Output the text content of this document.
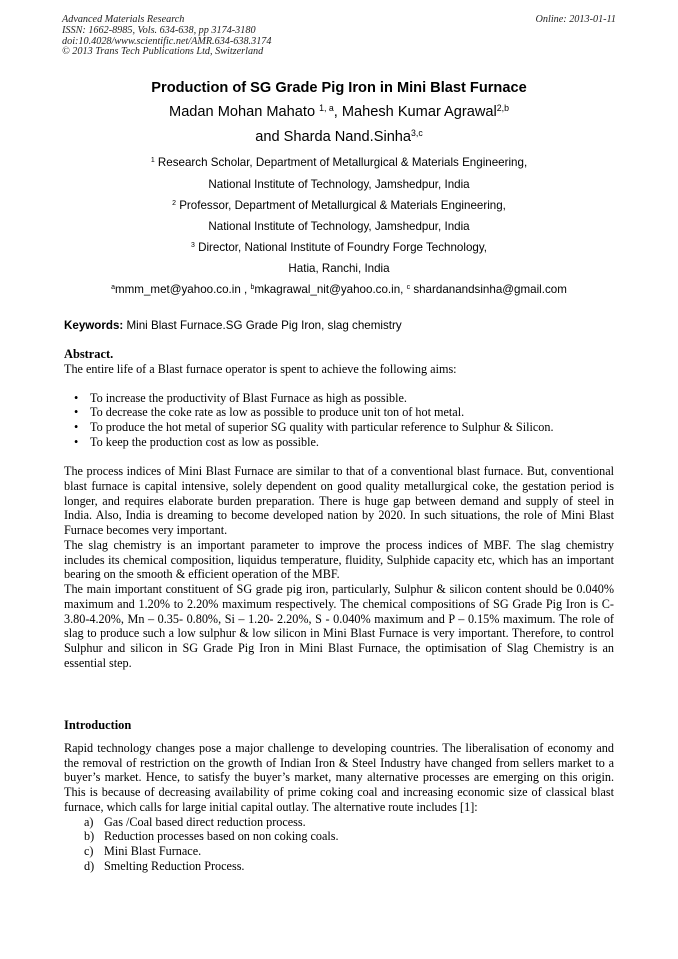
Advanced Materials Research
ISSN: 1662-8985, Vols. 634-638, pp 3174-3180
doi:10.4028/www.scientific.net/AMR.634-638.3174
© 2013 Trans Tech Publications Ltd, Switzerland
Online: 2013-01-11
Production of SG Grade Pig Iron in Mini Blast Furnace
Madan Mohan Mahato $^{1, a}$, Mahesh Kumar Agrawal$^{2,b}$
and Sharda Nand.Sinha$^{3,c}$
$^1$ Research Scholar, Department of Metallurgical & Materials Engineering,
National Institute of Technology, Jamshedpur, India
$^2$ Professor, Department of Metallurgical & Materials Engineering,
National Institute of Technology, Jamshedpur, India
$^3$ Director, National Institute of Foundry Forge Technology,
Hatia, Ranchi, India
$^a$mmm_met@yahoo.co.in , $^b$mkagrawal_nit@yahoo.co.in, $^c$ shardanandsinha@gmail.com
Keywords: Mini Blast Furnace.SG Grade Pig Iron, slag chemistry
Abstract.

The entire life of a Blast furnace operator is spent to achieve the following aims:

• To increase the productivity of Blast Furnace as high as possible.
• To decrease the coke rate as low as possible to produce unit ton of hot metal.
• To produce the hot metal of superior SG quality with particular reference to Sulphur & Silicon.
• To keep the production cost as low as possible.

The process indices of Mini Blast Furnace are similar to that of a conventional blast furnace. But, conventional blast furnace is capital intensive, solely dependent on good quality metallurgical coke, the gestation period is longer, and requires elaborate burden preparation. There is huge gap between demand and supply of steel in India. Also, India is dreaming to become developed nation by 2020. In such situations, the role of Mini Blast Furnace becomes very important.

The slag chemistry is an important parameter to improve the process indices of MBF. The slag chemistry includes its chemical composition, liquidus temperature, fluidity, Sulphide capacity etc, which has an important bearing on the smooth & efficient operation of the MBF.

The main important constituent of SG grade pig iron, particularly, Sulphur & silicon content should be 0.040% maximum and 1.20% to 2.20% maximum respectively. The chemical compositions of SG Grade Pig Iron is C- 3.80-4.20%, Mn – 0.35- 0.80%, Si – 1.20- 2.20%, S - 0.040% maximum and P – 0.15% maximum. The role of slag to produce such a low sulphur & low silicon in Mini Blast Furnace is very important. Therefore, to control Sulphur and silicon in SG Grade Pig Iron in Mini Blast Furnace, the optimisation of Slag Chemistry is an essential step.

Introduction

Rapid technology changes pose a major challenge to developing countries. The liberalisation of economy and the removal of restriction on the growth of Indian Iron & Steel Industry have changed from sellers market to a buyer’s market. Hence, to satisfy the buyer’s market, many alternative processes are emerging on this origin. This is because of decreasing availability of prime coking coal and increasing economic size of classical blast furnace, which calls for large initial capital outlay. The alternative route includes [1]:

a) Gas /Coal based direct reduction process.
b) Reduction processes based on non coking coals.
c) Mini Blast Furnace.
d) Smelting Reduction Process.
